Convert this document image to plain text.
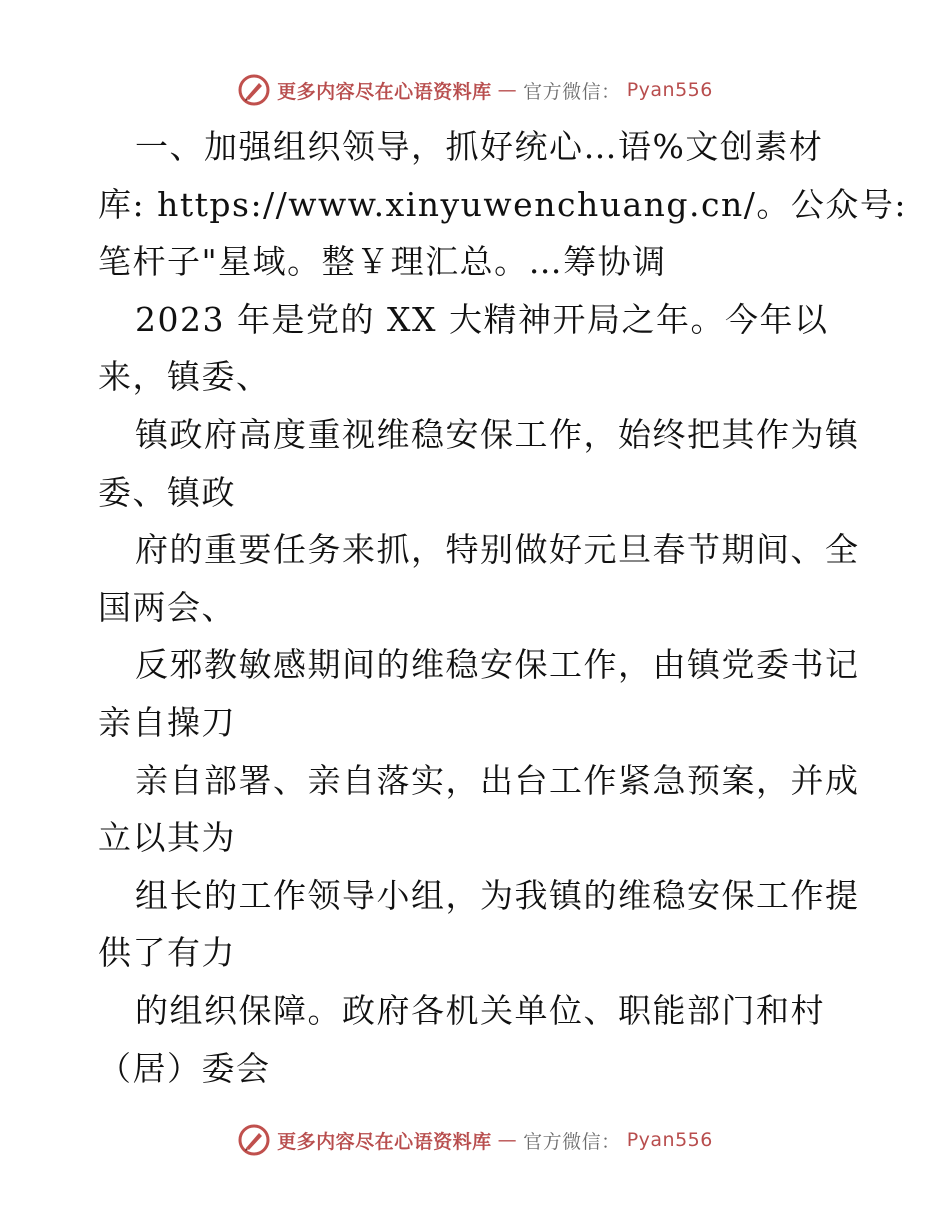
更多内容尽在心语资料库 — 官方微信： Pyan556
一、加强组织领导，抓好统心…语%文创素材
库: https://www.xinyuwenchuang.cn/。公众号:
笔杆子"星域。整￥理汇总。…筹协调
2023 年是党的 XX 大精神开局之年。今年以
来，镇委、
镇政府高度重视维稳安保工作，始终把其作为镇
委、镇政
府的重要任务来抓，特别做好元旦春节期间、全
国两会、
反邪教敏感期间的维稳安保工作，由镇党委书记
亲自操刀
亲自部署、亲自落实，出台工作紧急预案，并成
立以其为
组长的工作领导小组，为我镇的维稳安保工作提
供了有力
的组织保障。政府各机关单位、职能部门和村
（居）委会
更多内容尽在心语资料库 — 官方微信： Pyan556
